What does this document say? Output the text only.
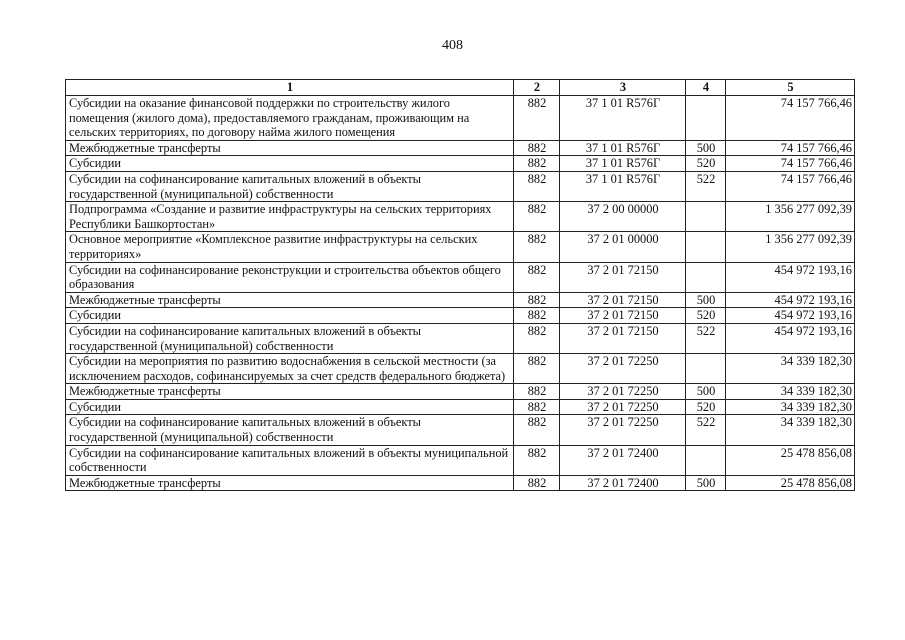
408
1	2	3	4	5
Субсидии на оказание финансовой поддержки по строительству жилого помещения (жилого дома), предоставляемого гражданам, проживающим на сельских территориях, по договору найма жилого помещения	882	37 1 01 R576Г		74 157 766,46
Межбюджетные трансферты	882	37 1 01 R576Г	500	74 157 766,46
Субсидии	882	37 1 01 R576Г	520	74 157 766,46
Субсидии на софинансирование капитальных вложений в объекты государственной (муниципальной) собственности	882	37 1 01 R576Г	522	74 157 766,46
Подпрограмма «Создание и развитие инфраструктуры на сельских территориях Республики Башкортостан»	882	37 2 00 00000		1 356 277 092,39
Основное мероприятие «Комплексное развитие инфраструктуры на сельских территориях»	882	37 2 01 00000		1 356 277 092,39
Субсидии на софинансирование реконструкции и строительства объектов общего образования	882	37 2 01 72150		454 972 193,16
Межбюджетные трансферты	882	37 2 01 72150	500	454 972 193,16
Субсидии	882	37 2 01 72150	520	454 972 193,16
Субсидии на софинансирование капитальных вложений в объекты государственной (муниципальной) собственности	882	37 2 01 72150	522	454 972 193,16
Субсидии на мероприятия по развитию водоснабжения в сельской местности (за исключением расходов, софинансируемых за счет средств федерального бюджета)	882	37 2 01 72250		34 339 182,30
Межбюджетные трансферты	882	37 2 01 72250	500	34 339 182,30
Субсидии	882	37 2 01 72250	520	34 339 182,30
Субсидии на софинансирование капитальных вложений в объекты государственной (муниципальной) собственности	882	37 2 01 72250	522	34 339 182,30
Субсидии на софинансирование капитальных вложений в объекты муниципальной собственности	882	37 2 01 72400		25 478 856,08
Межбюджетные трансферты	882	37 2 01 72400	500	25 478 856,08
